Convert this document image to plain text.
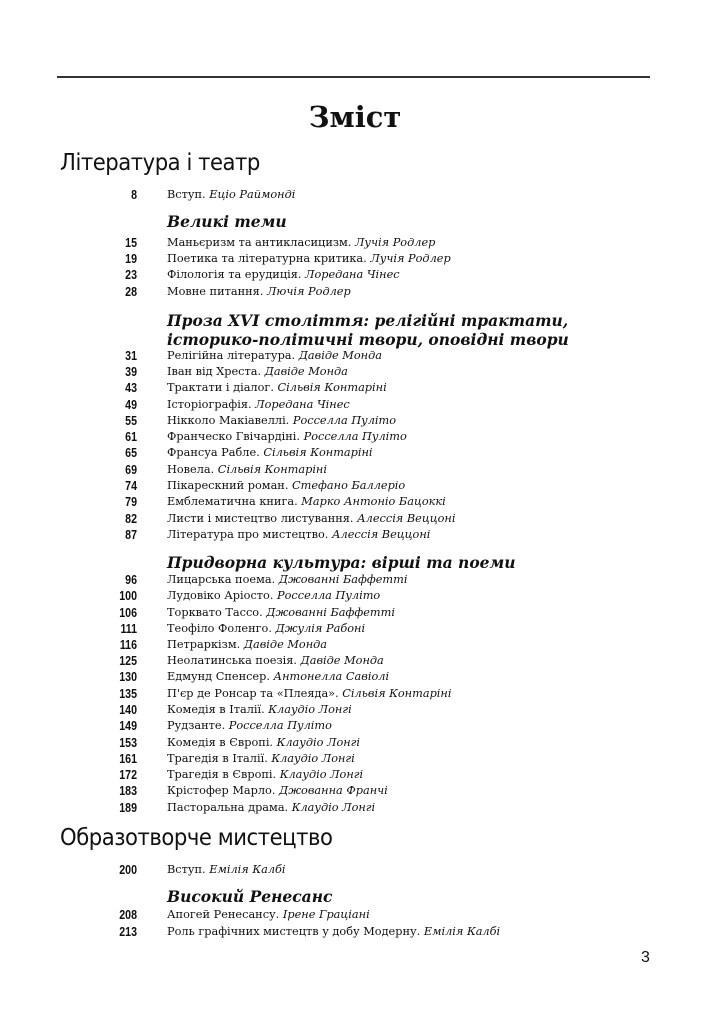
Зміст
Література і театр
8	Вступ. Еціо Раймонді
Великі теми
15	Маньєризм та антикласицизм. Лучія Родлер
19	Поетика та літературна критика. Лучія Родлер
23	Філологія та ерудиція. Лоредана Чінес
28	Мовне питання. Лючія Родлер
Проза XVI століття: релігійні трактати,
історико-політичні твори, оповідні твори
31	Релігійна література. Давіде Монда
39	Іван від Хреста. Давіде Монда
43	Трактати і діалог. Сільвія Контаріні
49	Історіографія. Лоредана Чінес
55	Нікколо Макіавеллі. Росселла Пуліто
61	Франческо Гвічардіні. Росселла Пуліто
65	Франсуа Рабле. Сільвія Контаріні
69	Новела. Сільвія Контаріні
74	Пікарескний роман. Стефано Баллеріо
79	Емблематична книга. Марко Антоніо Бацоккі
82	Листи і мистецтво листування. Алессія Веццоні
87	Література про мистецтво. Алессія Веццоні
Придворна культура: вірші та поеми
96	Лицарська поема. Джованні Баффетті
100	Лудовіко Аріосто. Росселла Пуліто
106	Торквато Тассо. Джованні Баффетті
111	Теофіло Фоленго. Джулія Рабоні
116	Петраркізм. Давіде Монда
125	Неолатинська поезія. Давіде Монда
130	Едмунд Спенсер. Антонелла Савіолі
135	П'єр де Ронсар та «Плеяда». Сільвія Контаріні
140	Комедія в Італії. Клаудіо Лонгі
149	Рудзанте. Росселла Пуліто
153	Комедія в Європі. Клаудіо Лонгі
161	Трагедія в Італії. Клаудіо Лонгі
172	Трагедія в Європі. Клаудіо Лонгі
183	Крістофер Марло. Джованна Франчі
189	Пасторальна драма. Клаудіо Лонгі
Образотворче мистецтво
200	Вступ. Емілія Калбі
Високий Ренесанс
208	Апогей Ренесансу. Ірене Граціані
213	Роль графічних мистецтв у добу Модерну. Емілія Калбі
3
